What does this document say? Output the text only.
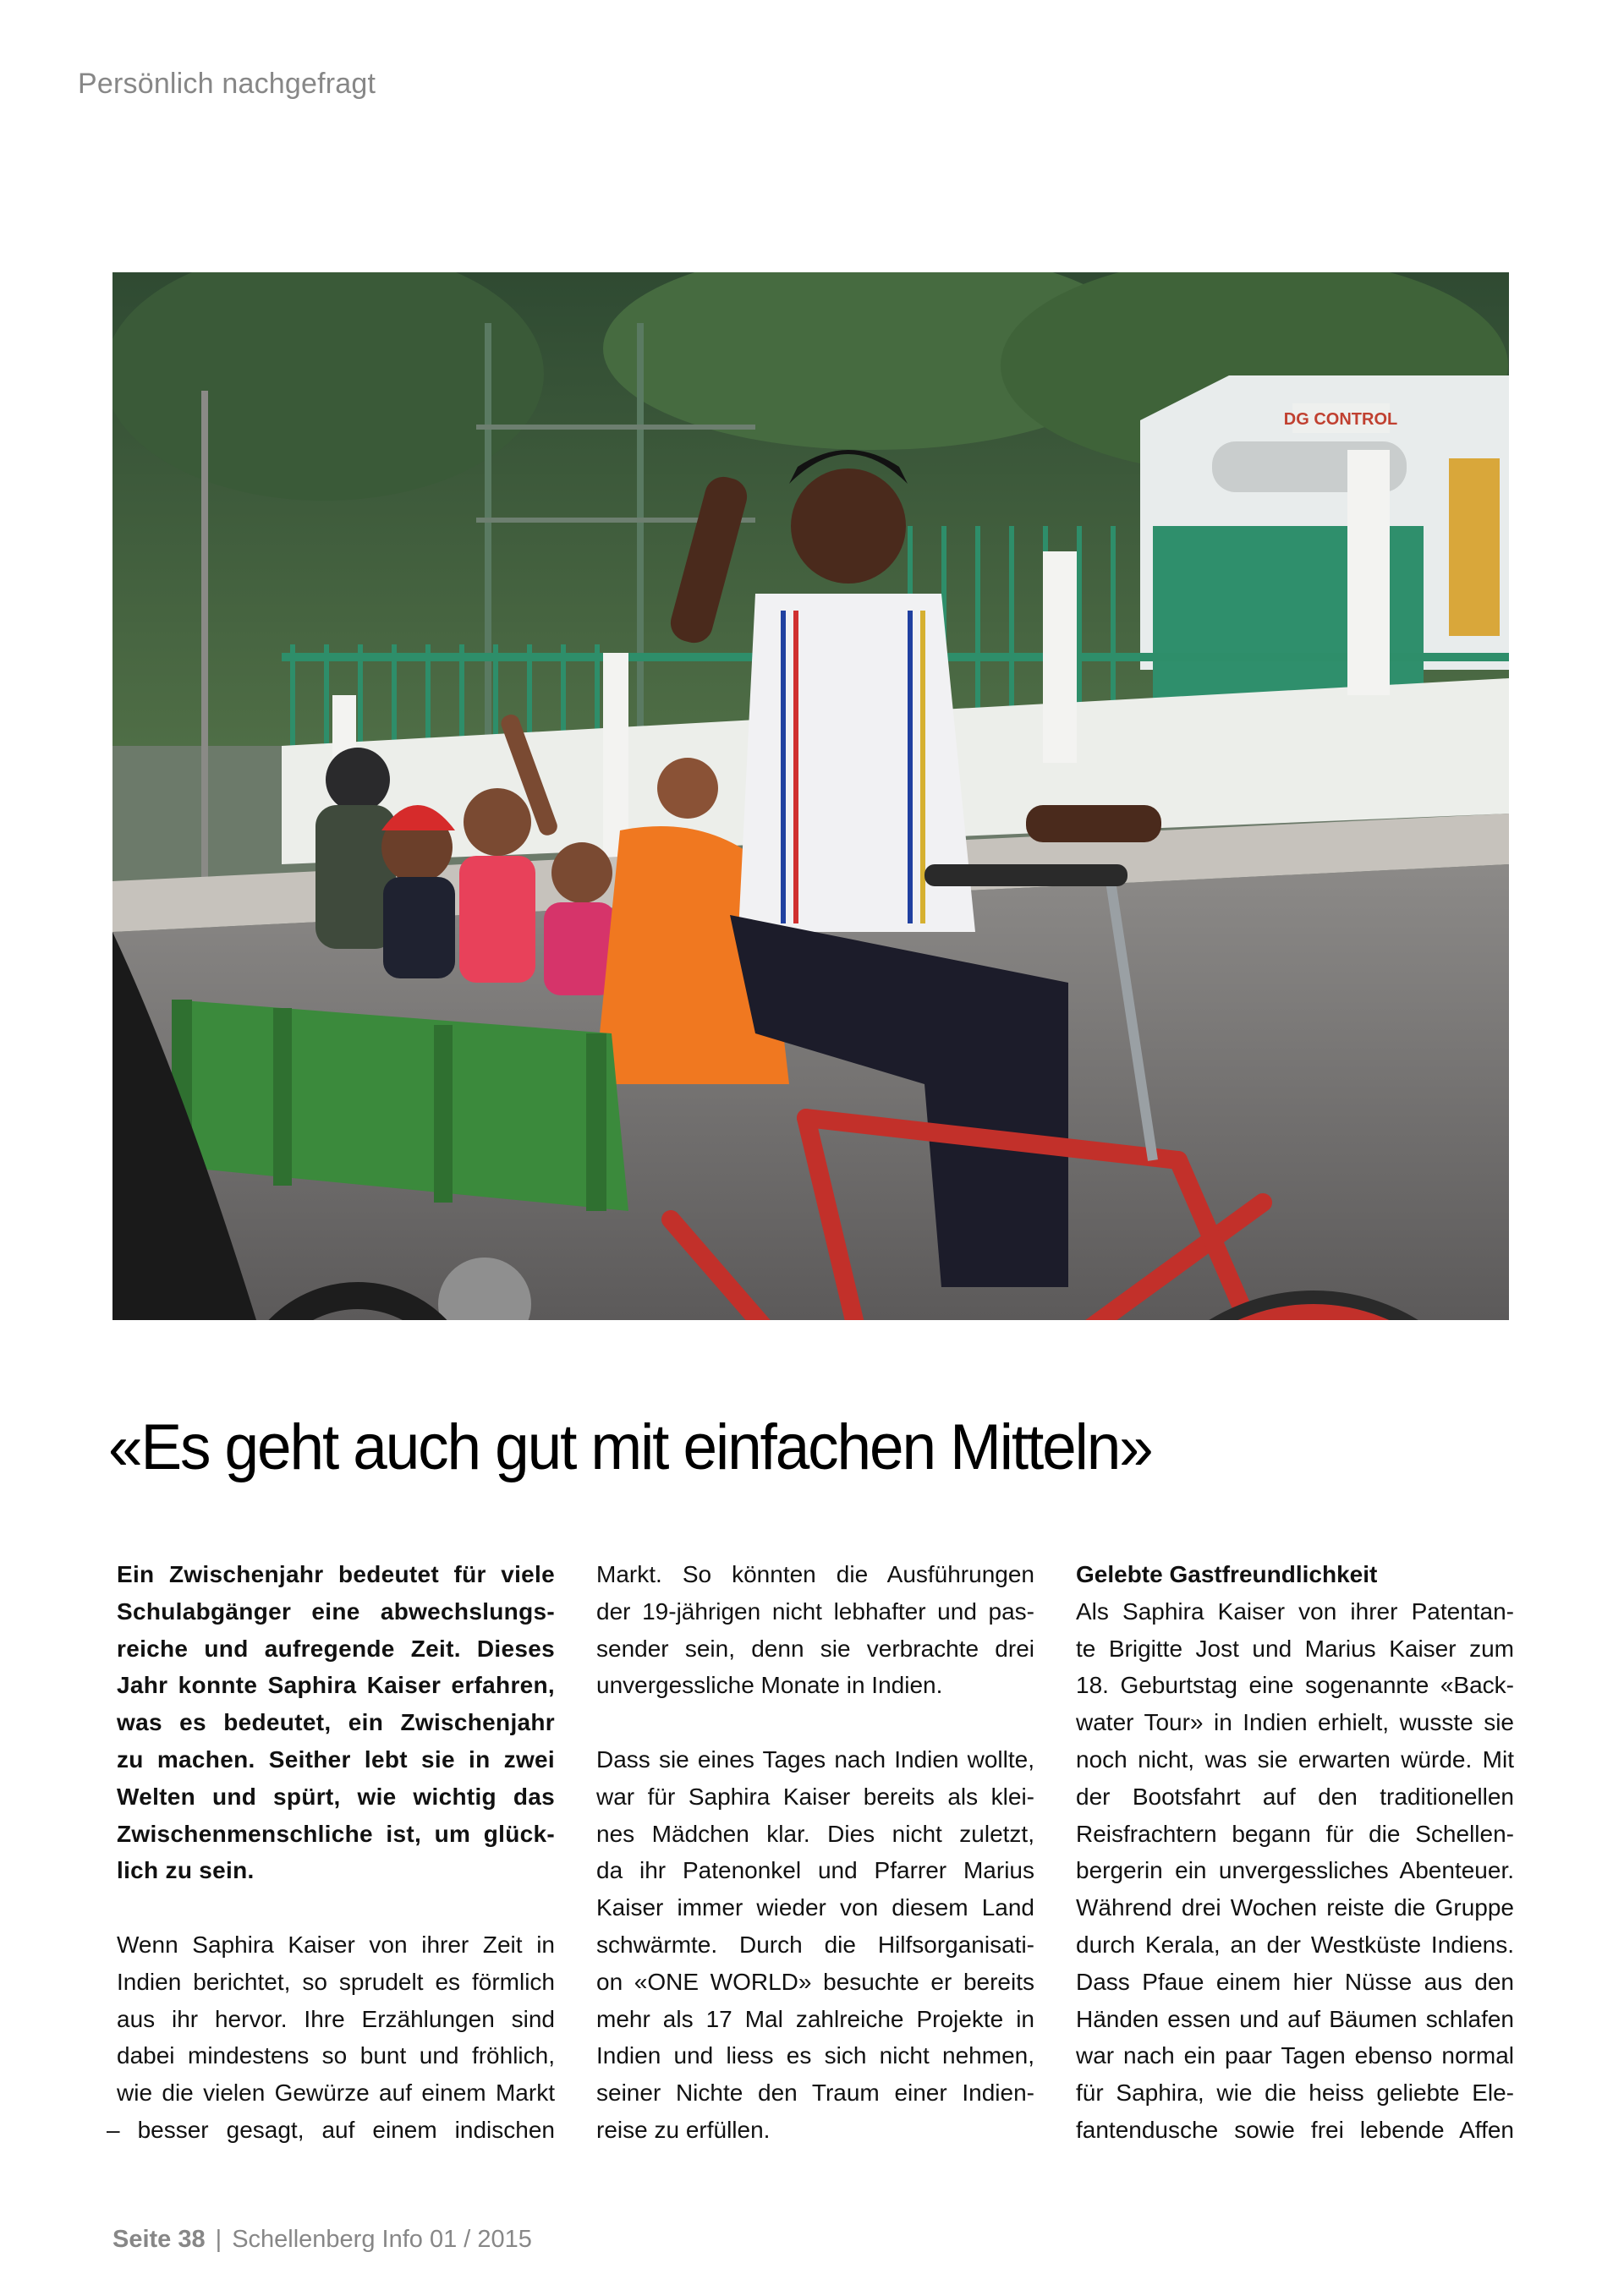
Persönlich nachgefragt
DG CONTROL
«Es geht auch gut mit einfachen Mitteln»
Ein Zwischenjahr bedeutet für viele
Schulabgänger eine abwechslungs-
reiche und aufregende Zeit. Dieses
Jahr konnte Saphira Kaiser erfahren,
was es bedeutet, ein Zwischenjahr
zu machen. Seither lebt sie in zwei
Welten und spürt, wie wichtig das
Zwischenmenschliche ist, um glück-
lich zu sein.
Wenn Saphira Kaiser von ihrer Zeit in
Indien berichtet, so sprudelt es förmlich
aus ihr hervor. Ihre Erzählungen sind
dabei mindestens so bunt und fröhlich,
wie die vielen Gewürze auf einem Markt
– besser gesagt, auf einem indischen
Markt. So könnten die Ausführungen
der 19-jährigen nicht lebhafter und pas-
sender sein, denn sie verbrachte drei
unvergessliche Monate in Indien.
Dass sie eines Tages nach Indien wollte,
war für Saphira Kaiser bereits als klei-
nes Mädchen klar. Dies nicht zuletzt,
da ihr Patenonkel und Pfarrer Marius
Kaiser immer wieder von diesem Land
schwärmte. Durch die Hilfsorganisati-
on «ONE WORLD» besuchte er bereits
mehr als 17 Mal zahlreiche Projekte in
Indien und liess es sich nicht nehmen,
seiner Nichte den Traum einer Indien-
reise zu erfüllen.
Gelebte Gastfreundlichkeit
Als Saphira Kaiser von ihrer Patentan-
te Brigitte Jost und Marius Kaiser zum
18. Geburtstag eine sogenannte «Back-
water Tour» in Indien erhielt, wusste sie
noch nicht, was sie erwarten würde. Mit
der Bootsfahrt auf den traditionellen
Reisfrachtern begann für die Schellen-
bergerin ein unvergessliches Abenteuer.
Während drei Wochen reiste die Gruppe
durch Kerala, an der Westküste Indiens.
Dass Pfaue einem hier Nüsse aus den
Händen essen und auf Bäumen schlafen
war nach ein paar Tagen ebenso normal
für Saphira, wie die heiss geliebte Ele-
fantendusche sowie frei lebende Affen
Seite 38 | Schellenberg Info 01 / 2015
